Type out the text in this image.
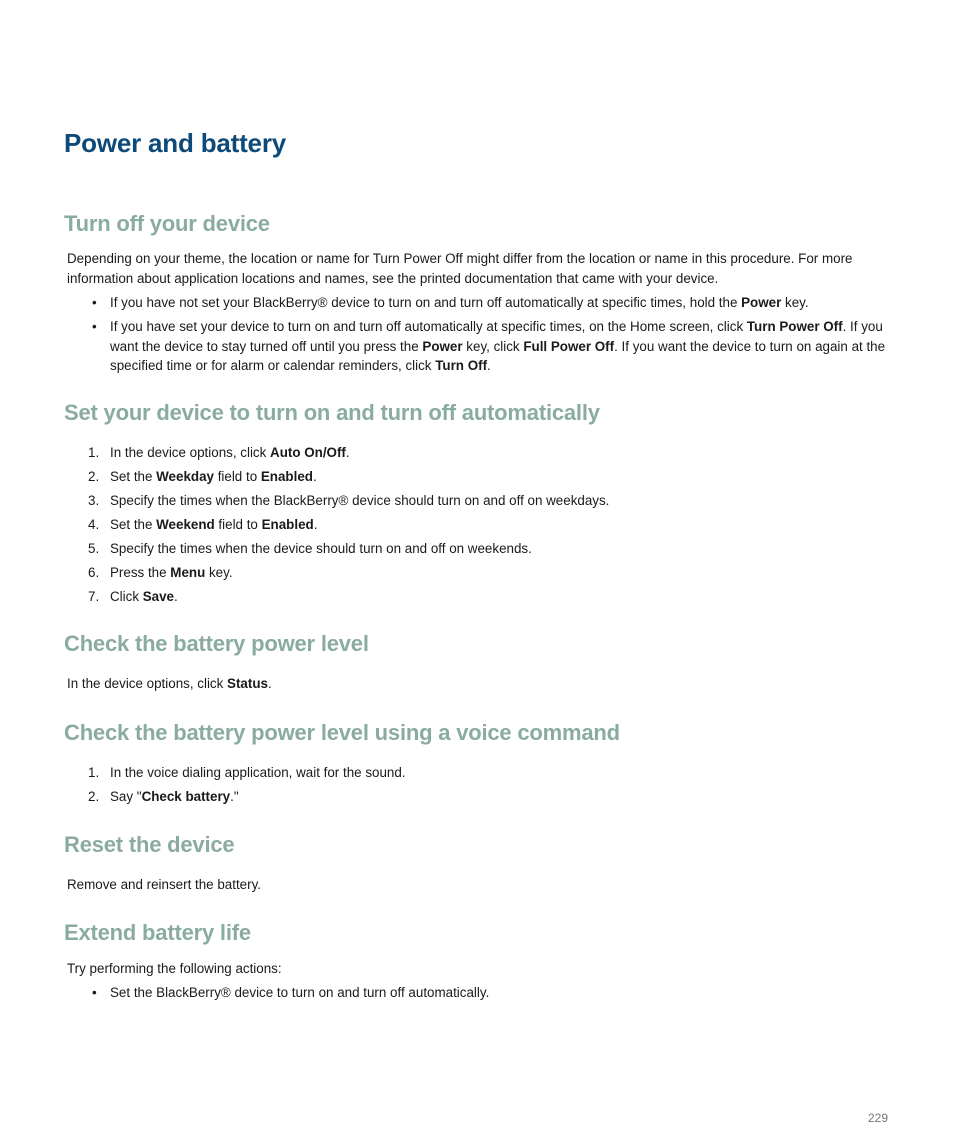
Power and battery
Turn off your device

Depending on your theme, the location or name for Turn Power Off might differ from the location or name in this procedure. For more information about application locations and names, see the printed documentation that came with your device.

• If you have not set your BlackBerry® device to turn on and turn off automatically at specific times, hold the Power key.
• If you have set your device to turn on and turn off automatically at specific times, on the Home screen, click Turn Power Off. If you want the device to stay turned off until you press the Power key, click Full Power Off. If you want the device to turn on again at the specified time or for alarm or calendar reminders, click Turn Off.
Set your device to turn on and turn off automatically
1. In the device options, click Auto On/Off.
2. Set the Weekday field to Enabled.
3. Specify the times when the BlackBerry® device should turn on and off on weekdays.
4. Set the Weekend field to Enabled.
5. Specify the times when the device should turn on and off on weekends.
6. Press the Menu key.
7. Click Save.
Check the battery power level

In the device options, click Status.

Check the battery power level using a voice command
1. In the voice dialing application, wait for the sound.
2. Say "Check battery."
Reset the device

Remove and reinsert the battery.

Extend battery life

Try performing the following actions:

• Set the BlackBerry® device to turn on and turn off automatically.
229
